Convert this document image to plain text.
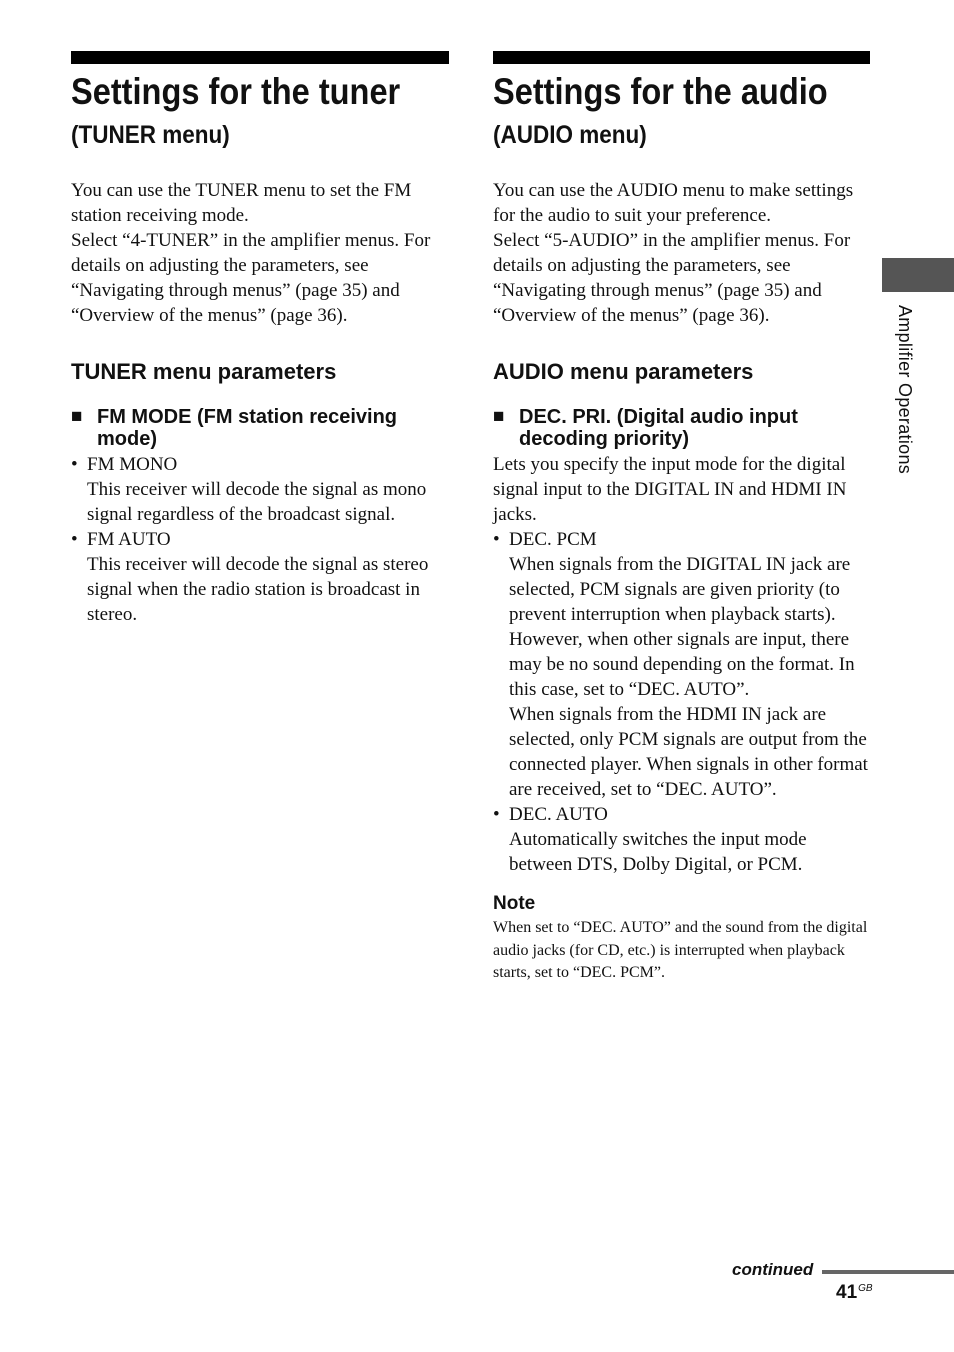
Settings for the tuner
(TUNER menu)

You can use the TUNER menu to set the FM station receiving mode.

Select “4-TUNER” in the amplifier menus. For details on adjusting the parameters, see “Navigating through menus” (page 35) and “Overview of the menus” (page 36).

TUNER menu parameters
■ FM MODE (FM station receiving mode)
• FM MONO

This receiver will decode the signal as mono signal regardless of the broadcast signal.

• FM AUTO

This receiver will decode the signal as stereo signal when the radio station is broadcast in stereo.

Settings for the audio
(AUDIO menu)

You can use the AUDIO menu to make settings for the audio to suit your preference.

Select “5-AUDIO” in the amplifier menus. For details on adjusting the parameters, see “Navigating through menus” (page 35) and “Overview of the menus” (page 36).

AUDIO menu parameters
■ DEC. PRI. (Digital audio input decoding priority)

Lets you specify the input mode for the digital signal input to the DIGITAL IN and HDMI IN jacks.

• DEC. PCM

When signals from the DIGITAL IN jack are selected, PCM signals are given priority (to prevent interruption when playback starts). However, when other signals are input, there may be no sound depending on the format. In this case, set to “DEC. AUTO”.

When signals from the HDMI IN jack are selected, only PCM signals are output from the connected player. When signals in other format are received, set to “DEC. AUTO”.

• DEC. AUTO

Automatically switches the input mode between DTS, Dolby Digital, or PCM.

Note

When set to “DEC. AUTO” and the sound from the digital audio jacks (for CD, etc.) is interrupted when playback starts, set to “DEC. PCM”.

Amplifier Operations
continued
$41^{GB}$
